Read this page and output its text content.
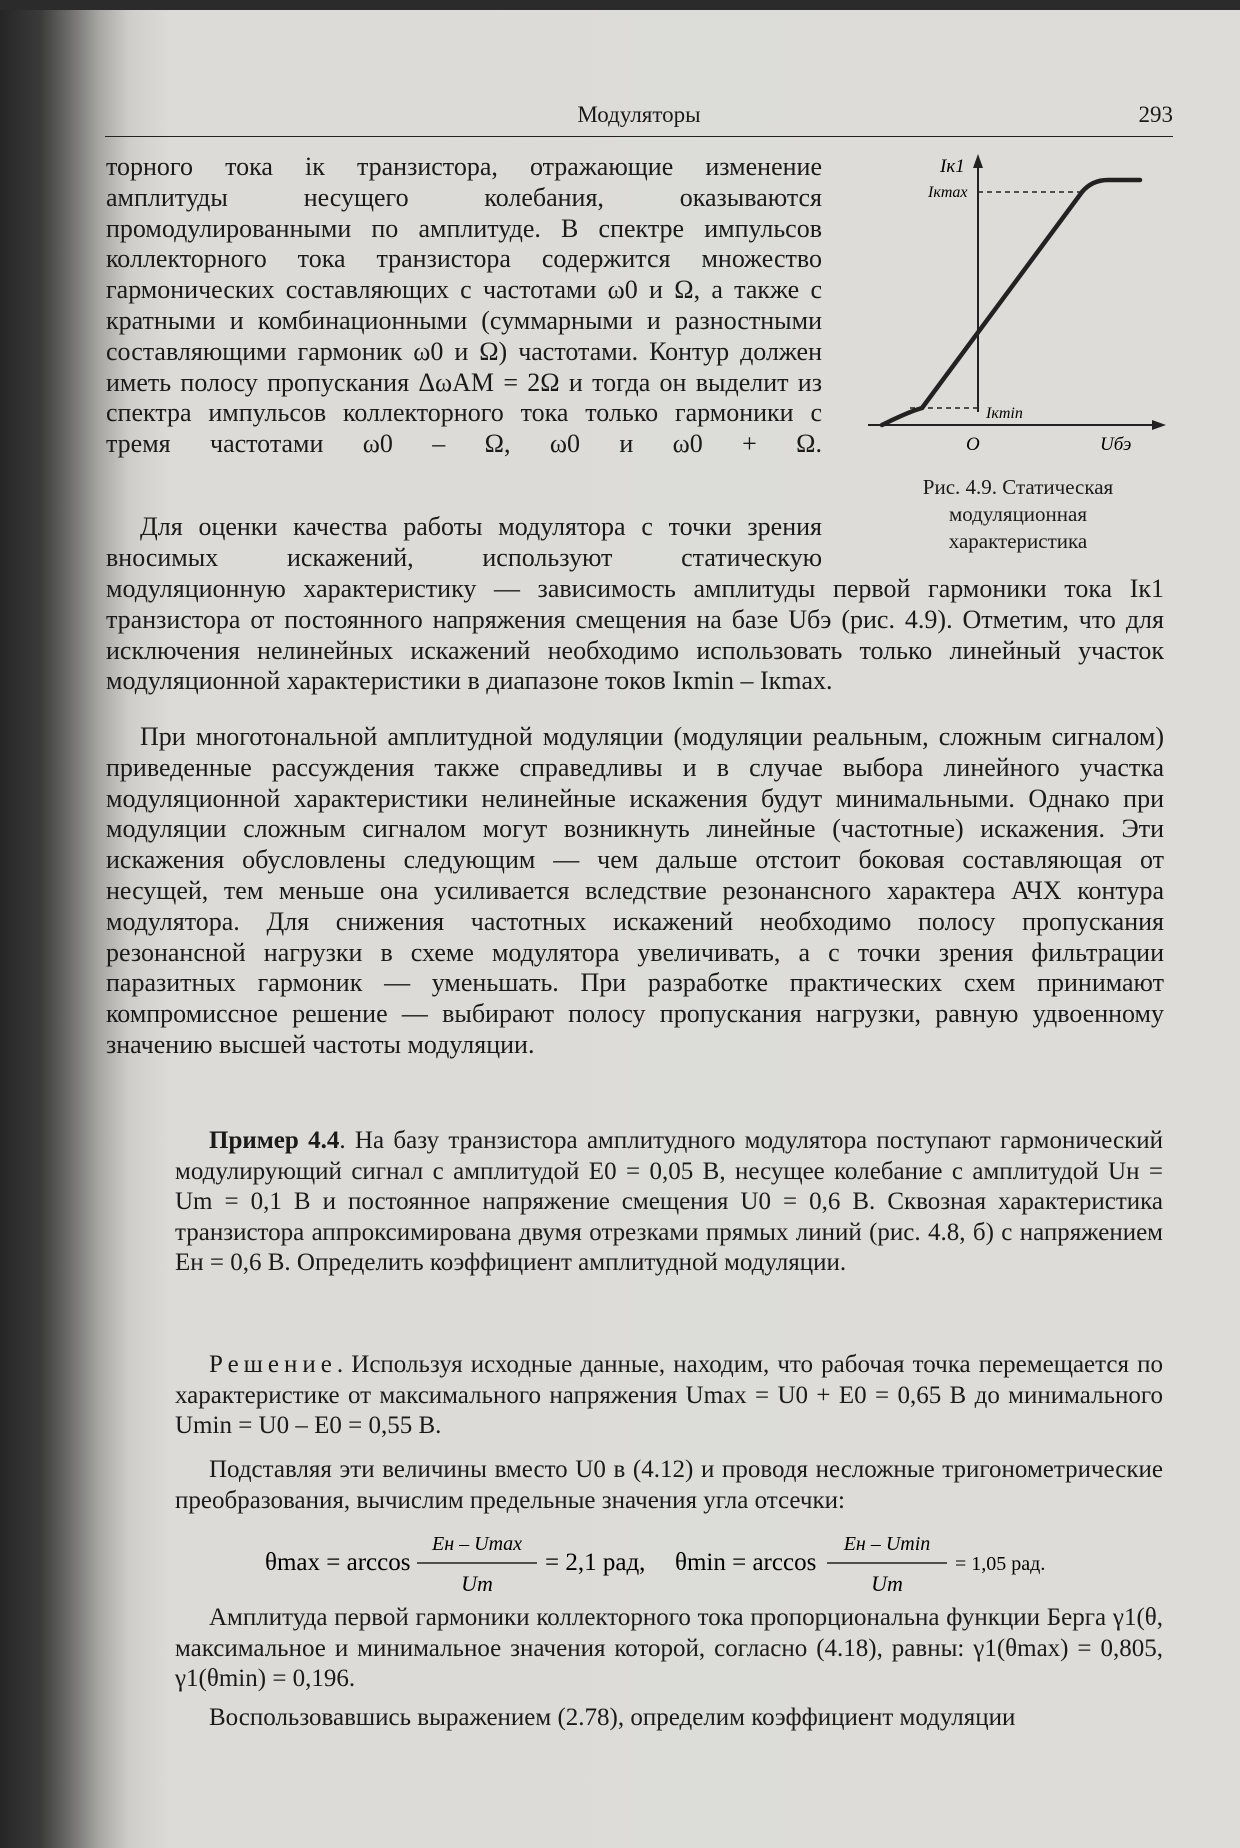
Модуляторы	293

торного тока iк транзистора, отражающие изменение амплитуды несущего колебания, оказываются промодулированными по амплитуде. В спектре импульсов коллекторного тока транзистора содержится множество гармонических составляющих с частотами ω0 и Ω, а также с кратными и комбинационными (суммарными и разностными составляющими гармоник ω0 и Ω) частотами. Контур должен иметь полосу пропускания ΔωАМ = 2Ω и тогда он выделит из спектра импульсов коллекторного тока только гармоники с тремя частотами ω0 – Ω, ω0 и ω0 + Ω.

Для оценки качества работы модулятора с точки зрения вносимых искажений, используют статическую

модуляционную характеристику — зависимость амплитуды первой гармоники тока Iк1 транзистора от постоянного напряжения смещения на базе Uбэ (рис. 4.9). Отметим, что для исключения нелинейных искажений необходимо использовать только линейный участок модуляционной характеристики в диапазоне токов Iкmin – Iкmax.

При многотональной амплитудной модуляции (модуляции реальным, сложным сигналом) приведенные рассуждения также справедливы и в случае выбора линейного участка модуляционной характеристики нелинейные искажения будут минимальными. Однако при модуляции сложным сигналом могут возникнуть линейные (частотные) искажения. Эти искажения обусловлены следующим — чем дальше отстоит боковая составляющая от несущей, тем меньше она усиливается вследствие резонансного характера АЧХ контура модулятора. Для снижения частотных искажений необходимо полосу пропускания резонансной нагрузки в схеме модулятора увеличивать, а с точки зрения фильтрации паразитных гармоник — уменьшать. При разработке практических схем принимают компромиссное решение — выбирают полосу пропускания нагрузки, равную удвоенному значению высшей частоты модуляции.

Пример 4.4. На базу транзистора амплитудного модулятора поступают гармонический модулирующий сигнал с амплитудой E0 = 0,05 В, несущее колебание с амплитудой Uн = Um = 0,1 В и постоянное напряжение смещения U0 = 0,6 В. Сквозная характеристика транзистора аппроксимирована двумя отрезками прямых линий (рис. 4.8, б) с напряжением Eн = 0,6 В. Определить коэффициент амплитудной модуляции.

Решение. Используя исходные данные, находим, что рабочая точка перемещается по характеристике от максимального напряжения Umax = U0 + E0 = 0,65 В до минимального Umin = U0 – E0 = 0,55 В.

Подставляя эти величины вместо U0 в (4.12) и проводя несложные тригонометрические преобразования, вычислим предельные значения угла отсечки:

θmax = arccos
Eн – Umax
Um
= 2,1 рад, θmin = arccos
Eн – Umin
Um
= 1,05 рад.

Амплитуда первой гармоники коллекторного тока пропорциональна функции Берга γ1(θ, максимальное и минимальное значения которой, согласно (4.18), равны: γ1(θmax) = 0,805, γ1(θmin) = 0,196.

Воспользовавшись выражением (2.78), определим коэффициент модуляции

Iк1
Iкmax
Iкmin
O	Uбэ
Рис. 4.9. Статическая
модуляционная
характеристика
